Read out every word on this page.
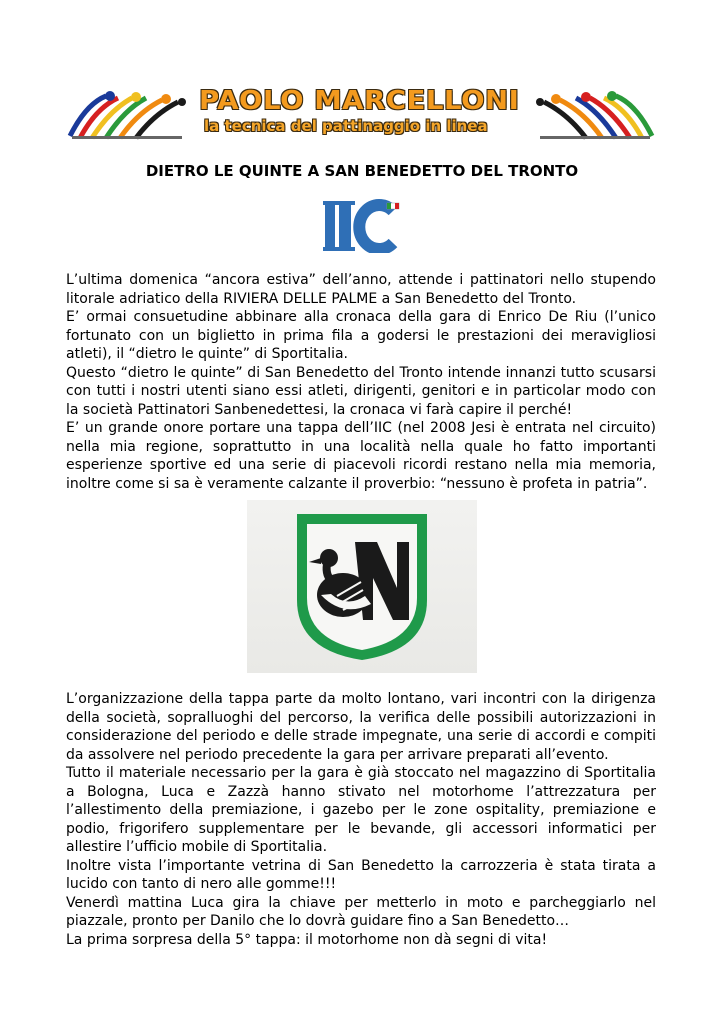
PAOLO MARCELLONI
la tecnica del pattinaggio in linea
DIETRO LE QUINTE A SAN BENEDETTO DEL TRONTO
IIC

L’ultima domenica “ancora estiva” dell’anno, attende i pattinatori nello stupendo litorale adriatico della RIVIERA DELLE PALME a San Benedetto del Tronto.

E’ ormai consuetudine abbinare alla cronaca della gara di Enrico De Riu (l’unico fortunato con un biglietto in prima fila a godersi le prestazioni dei meravigliosi atleti), il “dietro le quinte” di Sportitalia.

Questo “dietro le quinte” di San Benedetto del Tronto intende innanzi tutto scusarsi con tutti i nostri utenti siano essi atleti, dirigenti, genitori e in particolar modo con la società Pattinatori Sanbenedettesi, la cronaca vi farà capire il perché!

E’ un grande onore portare una tappa dell’IIC (nel 2008 Jesi è entrata nel circuito) nella mia regione, soprattutto in una località nella quale ho fatto importanti esperienze sportive ed una serie di piacevoli ricordi restano nella mia memoria, inoltre come si sa è veramente calzante il proverbio: “nessuno è profeta in patria”.

L’organizzazione della tappa parte da molto lontano, vari incontri con la dirigenza della società, sopralluoghi del percorso, la verifica delle possibili autorizzazioni in considerazione del periodo e delle strade impegnate, una serie di accordi e compiti da assolvere nel periodo precedente la gara per arrivare preparati all’evento.

Tutto il materiale necessario per la gara è già stoccato nel magazzino di Sportitalia a Bologna, Luca e Zazzà hanno stivato nel motorhome l’attrezzatura per l’allestimento della premiazione, i gazebo per le zone ospitality, premiazione e podio, frigorifero supplementare per le bevande, gli accessori informatici per allestire l’ufficio mobile di Sportitalia.

Inoltre vista l’importante vetrina di San Benedetto la carrozzeria è stata tirata a lucido con tanto di nero alle gomme!!!

Venerdì mattina Luca gira la chiave per metterlo in moto e parcheggiarlo nel piazzale, pronto per Danilo che lo dovrà guidare fino a San Benedetto…

La prima sorpresa della 5° tappa: il motorhome non dà segni di vita!
